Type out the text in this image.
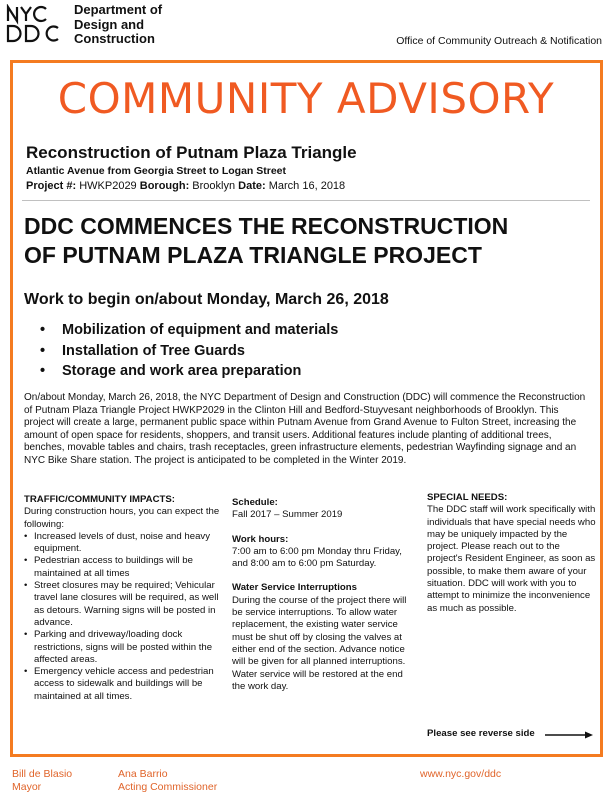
Department of
Design and
Construction	Office of Community Outreach & Notification
COMMUNITY ADVISORY
Reconstruction of Putnam Plaza Triangle
Atlantic Avenue from Georgia Street to Logan Street
Project #: HWKP2029 Borough: Brooklyn Date: March 16, 2018
DDC COMMENCES THE RECONSTRUCTION
OF PUTNAM PLAZA TRIANGLE PROJECT
Work to begin on/about Monday, March 26, 2018
• Mobilization of equipment and materials
• Installation of Tree Guards
• Storage and work area preparation
On/about Monday, March 26, 2018, the NYC Department of Design and Construction (DDC) will commence the Reconstruction of Putnam Plaza Triangle Project HWKP2029 in the Clinton Hill and Bedford-Stuyvesant neighborhoods of Brooklyn. This project will create a large, permanent public space within Putnam Avenue from Grand Avenue to Fulton Street, increasing the amount of open space for residents, shoppers, and transit users. Additional features include planting of additional trees, benches, movable tables and chairs, trash receptacles, green infrastructure elements, pedestrian Wayfinding signage and an NYC Bike Share station. The project is anticipated to be completed in the Winter 2019.
TRAFFIC/COMMUNITY IMPACTS:
During construction hours, you can expect the following:
• Increased levels of dust, noise and heavy equipment.
• Pedestrian access to buildings will be maintained at all times
• Street closures may be required; Vehicular travel lane closures will be required, as well as detours. Warning signs will be posted in advance.
• Parking and driveway/loading dock restrictions, signs will be posted within the affected areas.
• Emergency vehicle access and pedestrian access to sidewalk and buildings will be maintained at all times.
Schedule:
Fall 2017 – Summer 2019
Work hours:
7:00 am to 6:00 pm Monday thru Friday, and 8:00 am to 6:00 pm Saturday.
Water Service Interruptions
During the course of the project there will be service interruptions. To allow water replacement, the existing water service must be shut off by closing the valves at either end of the section. Advance notice will be given for all planned interruptions. Water service will be restored at the end the work day.
SPECIAL NEEDS:
The DDC staff will work specifically with individuals that have special needs who may be uniquely impacted by the project. Please reach out to the project's Resident Engineer, as soon as possible, to make them aware of your situation. DDC will work with you to attempt to minimize the inconvenience as much as possible.
Please see reverse side
Bill de Blasio
Mayor
Ana Barrio
Acting Commissioner
www.nyc.gov/ddc
